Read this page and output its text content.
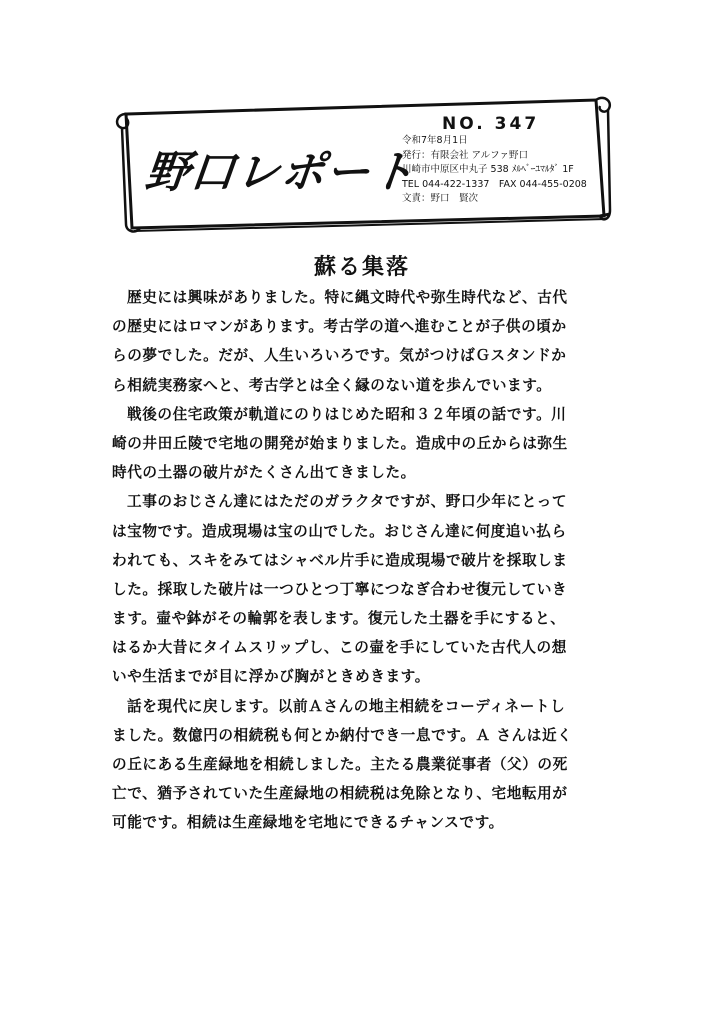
野口レポート
NO. 347
令和7年8月1日
発行：有限会社 アルファ野口
川崎市中原区中丸子 538 ﾒﾙﾍﾞｰﾕﾏﾙﾀﾞ 1F
TEL 044-422-1337　FAX 044-455-0208
文責：野口　賢次
蘇る集落
歴史には興味がありました。特に縄文時代や弥生時代など、古代
の歴史にはロマンがあります。考古学の道へ進むことが子供の頃か
らの夢でした。だが、人生いろいろです。気がつけばＧスタンドか
ら相続実務家へと、考古学とは全く縁のない道を歩んでいます。
戦後の住宅政策が軌道にのりはじめた昭和３２年頃の話です。川
崎の井田丘陵で宅地の開発が始まりました。造成中の丘からは弥生
時代の土器の破片がたくさん出てきました。
工事のおじさん達にはただのガラクタですが、野口少年にとって
は宝物です。造成現場は宝の山でした。おじさん達に何度追い払ら
われても、スキをみてはシャベル片手に造成現場で破片を採取しま
した。採取した破片は一つひとつ丁寧につなぎ合わせ復元していき
ます。壷や鉢がその輪郭を表します。復元した土器を手にすると、
はるか大昔にタイムスリップし、この壷を手にしていた古代人の想
いや生活までが目に浮かび胸がときめきます。
話を現代に戻します。以前Ａさんの地主相続をコーディネートし
ました。数億円の相続税も何とか納付でき一息です。Ａ さんは近く
の丘にある生産緑地を相続しました。主たる農業従事者（父）の死
亡で、猶予されていた生産緑地の相続税は免除となり、宅地転用が
可能です。相続は生産緑地を宅地にできるチャンスです。
